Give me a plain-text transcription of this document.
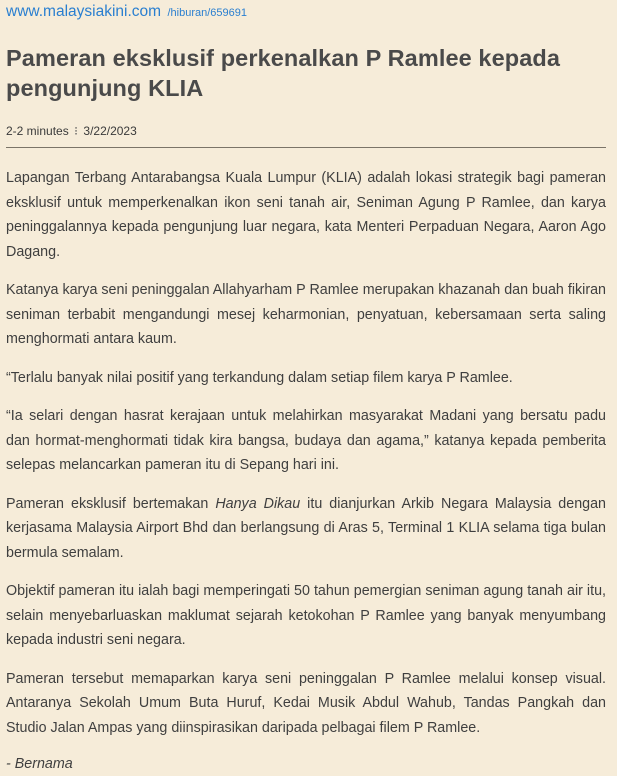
www.malaysiakini.com /hiburan/659691
Pameran eksklusif perkenalkan P Ramlee kepada pengunjung KLIA
2-2 minutes ⁝ 3/22/2023

Lapangan Terbang Antarabangsa Kuala Lumpur (KLIA) adalah lokasi strategik bagi pameran eksklusif untuk memperkenalkan ikon seni tanah air, Seniman Agung P Ramlee, dan karya peninggalannya kepada pengunjung luar negara, kata Menteri Perpaduan Negara, Aaron Ago Dagang.

Katanya karya seni peninggalan Allahyarham P Ramlee merupakan khazanah dan buah fikiran seniman terbabit mengandungi mesej keharmonian, penyatuan, kebersamaan serta saling menghormati antara kaum.

“Terlalu banyak nilai positif yang terkandung dalam setiap filem karya P Ramlee.

“Ia selari dengan hasrat kerajaan untuk melahirkan masyarakat Madani yang bersatu padu dan hormat-menghormati tidak kira bangsa, budaya dan agama,” katanya kepada pemberita selepas melancarkan pameran itu di Sepang hari ini.

Pameran eksklusif bertemakan Hanya Dikau itu dianjurkan Arkib Negara Malaysia dengan kerjasama Malaysia Airport Bhd dan berlangsung di Aras 5, Terminal 1 KLIA selama tiga bulan bermula semalam.

Objektif pameran itu ialah bagi memperingati 50 tahun pemergian seniman agung tanah air itu, selain menyebarluaskan maklumat sejarah ketokohan P Ramlee yang banyak menyumbang kepada industri seni negara.

Pameran tersebut memaparkan karya seni peninggalan P Ramlee melalui konsep visual. Antaranya Sekolah Umum Buta Huruf, Kedai Musik Abdul Wahub, Tandas Pangkah dan Studio Jalan Ampas yang diinspirasikan daripada pelbagai filem P Ramlee.

- Bernama
